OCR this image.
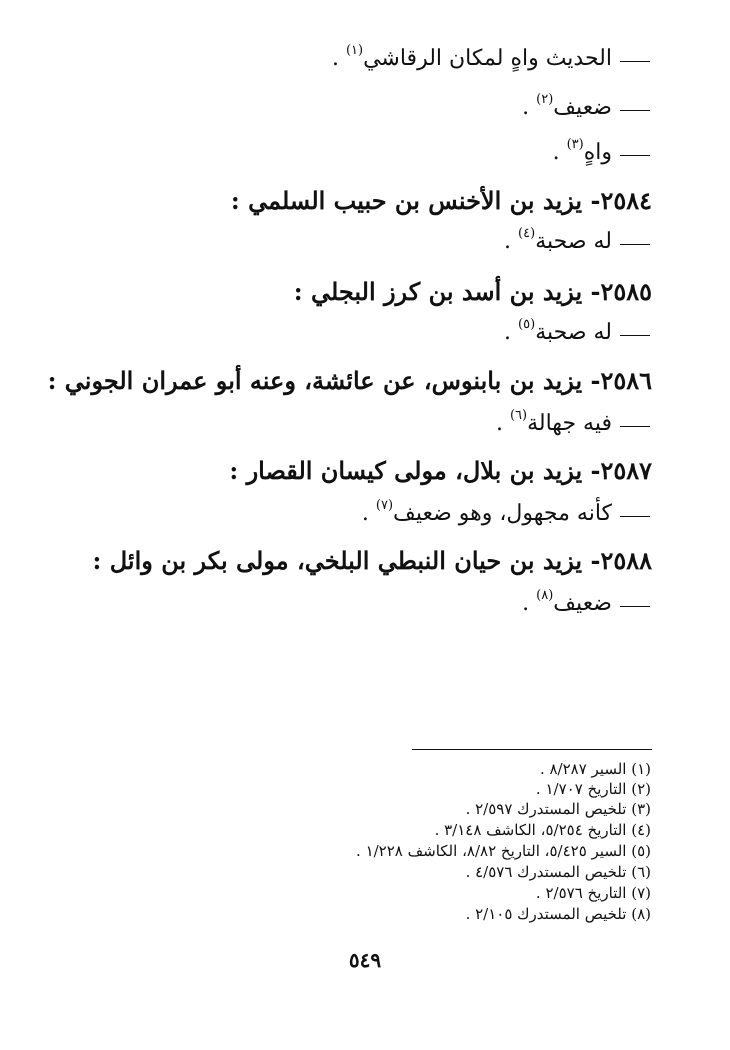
الحديث واهٍ لمكان الرقاشي$^{(١)}$ .
ضعيف$^{(٢)}$ .
واهٍ$^{(٣)}$ .
٢٥٨٤- يزيد بن الأخنس بن حبيب السلمي :
له صحبة$^{(٤)}$ .
٢٥٨٥- يزيد بن أسد بن كرز البجلي :
له صحبة$^{(٥)}$ .
٢٥٨٦- يزيد بن بابنوس، عن عائشة، وعنه أبو عمران الجوني :
فيه جهالة$^{(٦)}$ .
٢٥٨٧- يزيد بن بلال، مولى كيسان القصار :
كأنه مجهول، وهو ضعيف$^{(٧)}$ .
٢٥٨٨- يزيد بن حيان النبطي البلخي، مولى بكر بن وائل :
ضعيف$^{(٨)}$ .
(١) السير ٨/٢٨٧ .
(٢) التاريخ ١/٧٠٧ .
(٣) تلخيص المستدرك ٢/٥٩٧ .
(٤) التاريخ ٥/٢٥٤، الكاشف ٣/١٤٨ .
(٥) السير ٥/٤٢٥، التاريخ ٨/٨٢، الكاشف ١/٢٢٨ .
(٦) تلخيص المستدرك ٤/٥٧٦ .
(٧) التاريخ ٢/٥٧٦ .
(٨) تلخيص المستدرك ٢/١٠٥ .
٥٤٩
